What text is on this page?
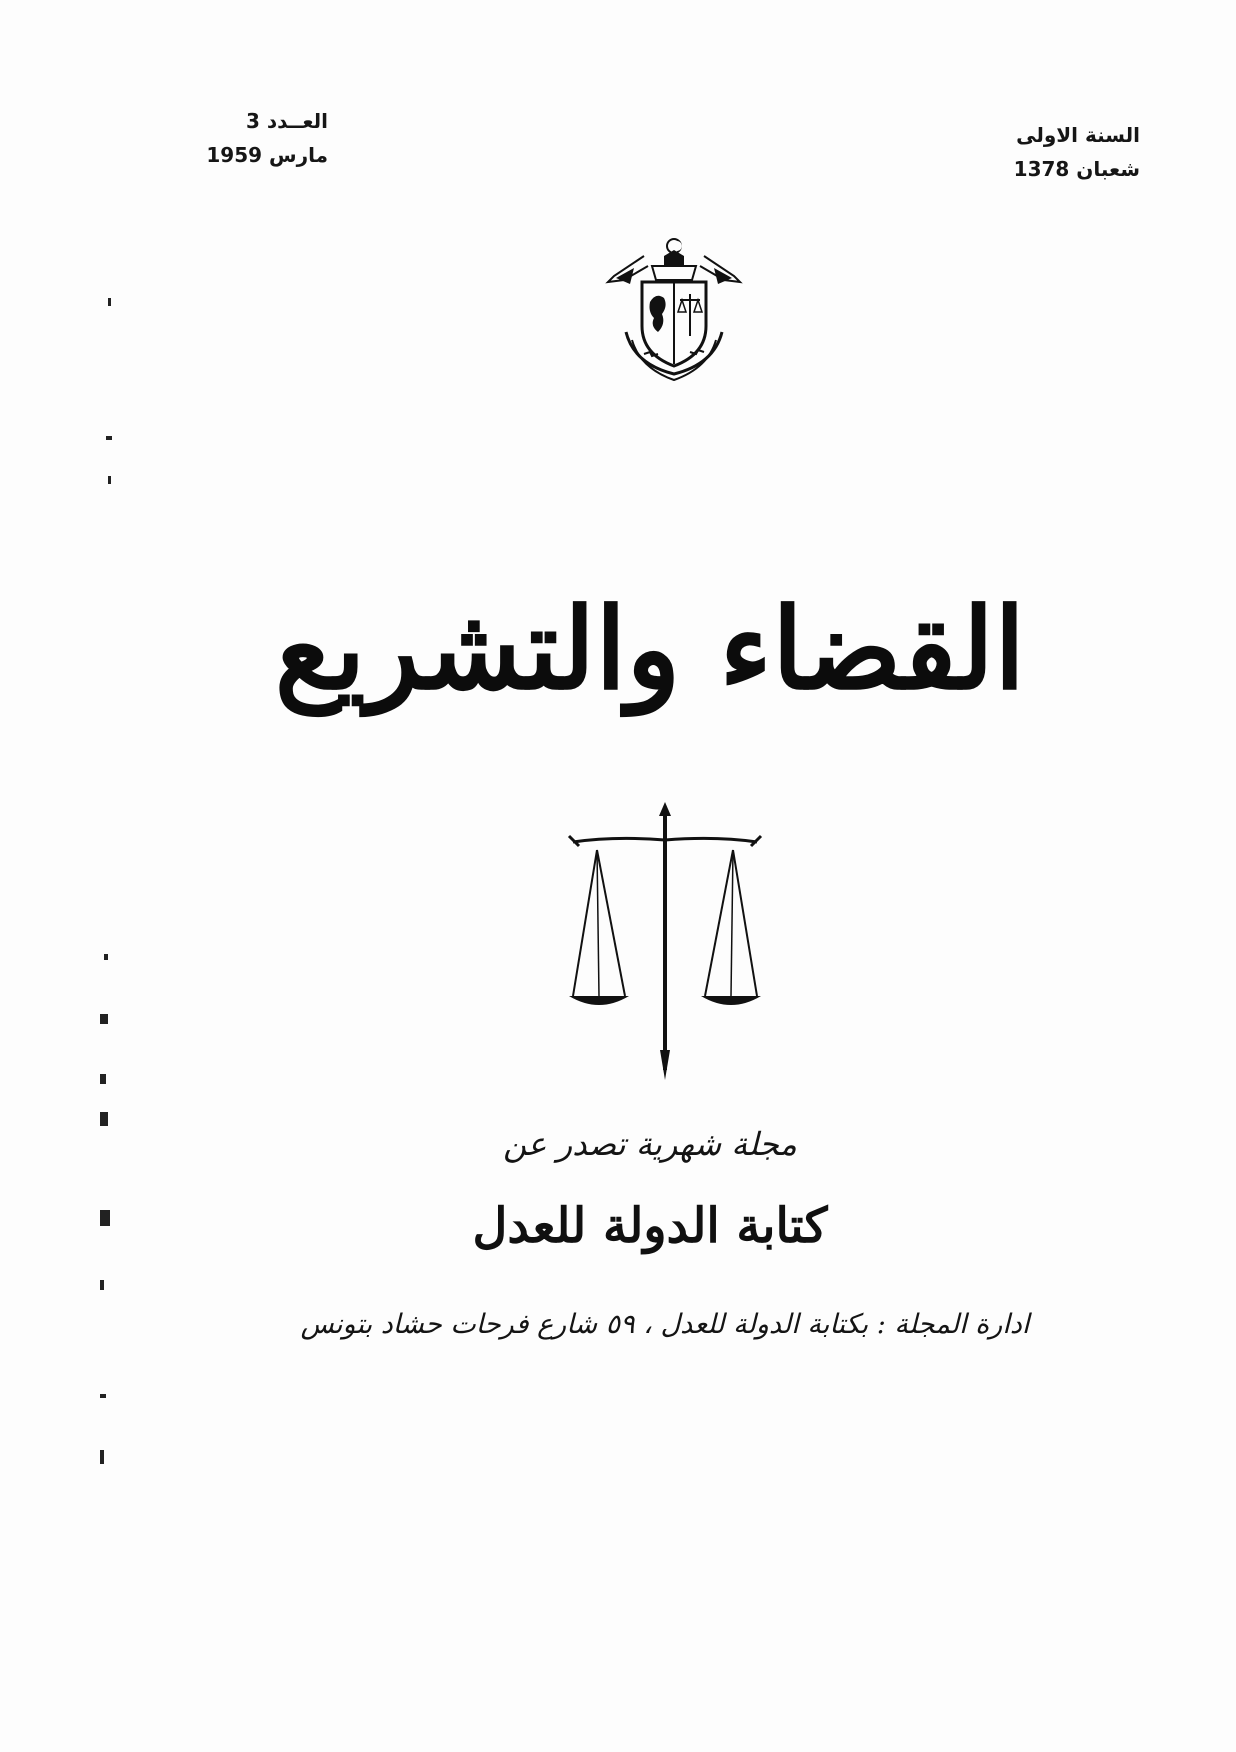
العــدد 3
مارس 1959
السنة الاولى
شعبان 1378
القضاء والتشريع
مجلة شهرية تصدر عن
كتابة الدولة للعدل
ادارة المجلة : بكتابة الدولة للعدل ، ٥٩ شارع فرحات حشاد بتونس
